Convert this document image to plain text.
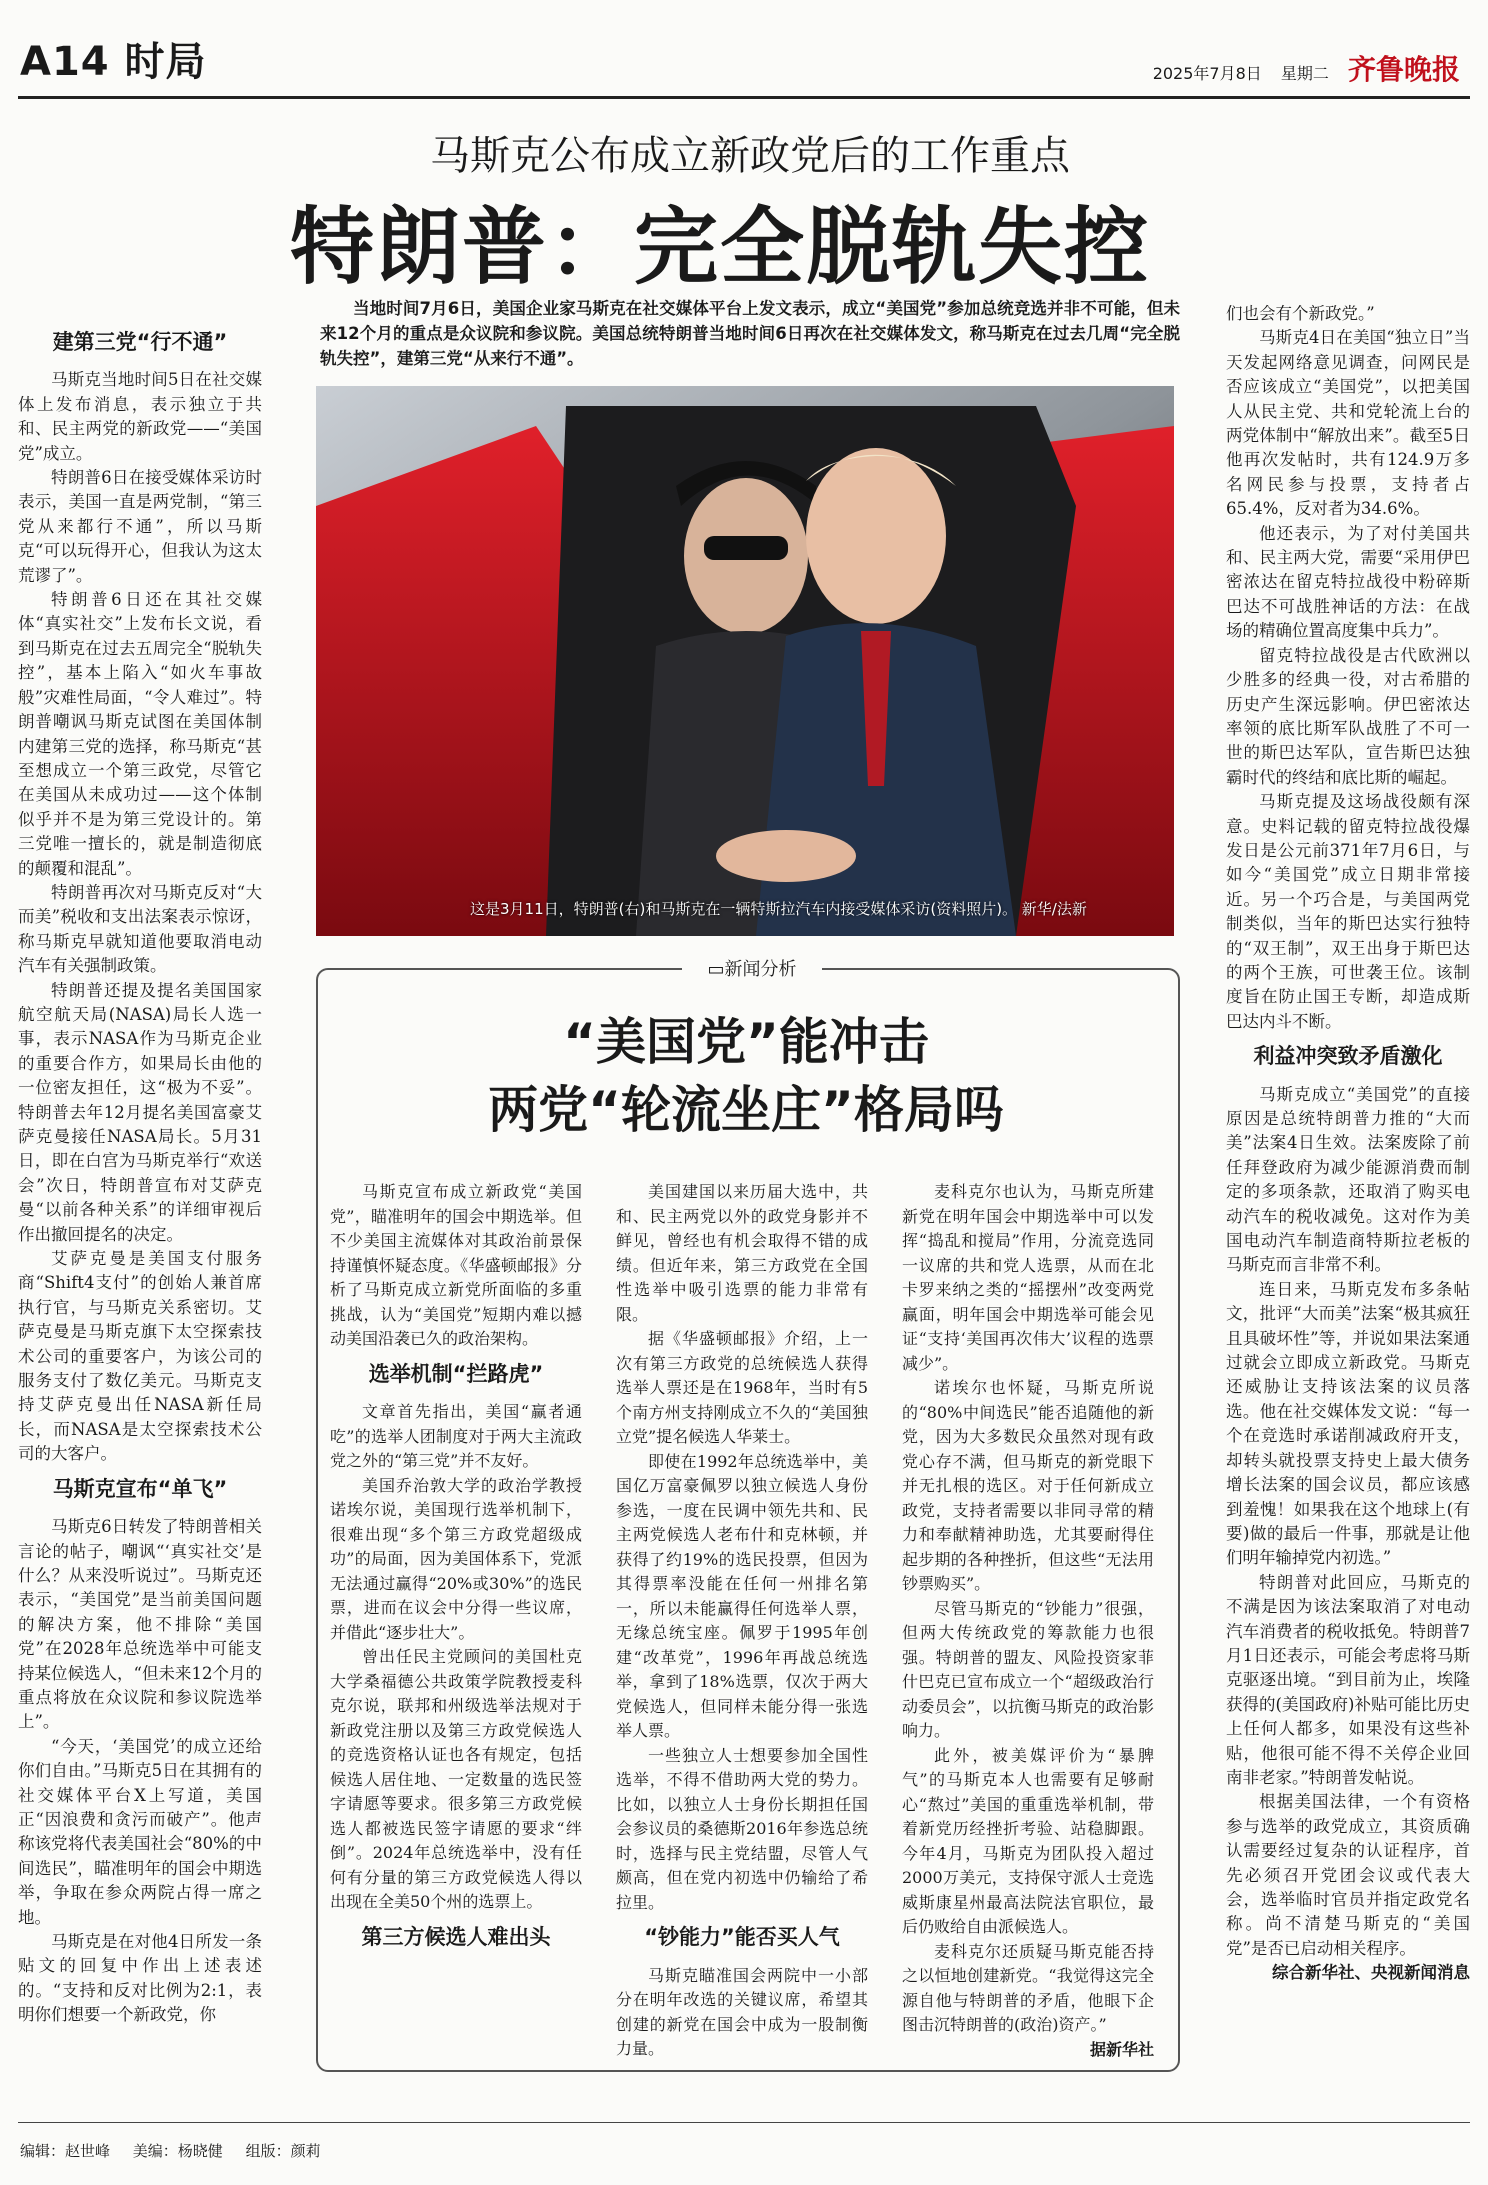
A14 时局	2025年7月8日 星期二 齐鲁晚报
马斯克公布成立新政党后的工作重点
特朗普：完全脱轨失控
当地时间7月6日，美国企业家马斯克在社交媒体平台上发文表示，成立“美国党”参加总统竞选并非不可能，但未来12个月的重点是众议院和参议院。美国总统特朗普当地时间6日再次在社交媒体发文，称马斯克在过去几周“完全脱轨失控”，建第三党“从来行不通”。
这是3月11日，特朗普(右)和马斯克在一辆特斯拉汽车内接受媒体采访(资料照片)。 新华/法新
建第三党“行不通”

马斯克当地时间5日在社交媒体上发布消息，表示独立于共和、民主两党的新政党——“美国党”成立。

特朗普6日在接受媒体采访时表示，美国一直是两党制，“第三党从来都行不通”，所以马斯克“可以玩得开心，但我认为这太荒谬了”。

特朗普6日还在其社交媒体“真实社交”上发布长文说，看到马斯克在过去五周完全“脱轨失控”，基本上陷入“如火车事故般”灾难性局面，“令人难过”。特朗普嘲讽马斯克试图在美国体制内建第三党的选择，称马斯克“甚至想成立一个第三政党，尽管它在美国从未成功过——这个体制似乎并不是为第三党设计的。第三党唯一擅长的，就是制造彻底的颠覆和混乱”。

特朗普再次对马斯克反对“大而美”税收和支出法案表示惊讶，称马斯克早就知道他要取消电动汽车有关强制政策。

特朗普还提及提名美国国家航空航天局(NASA)局长人选一事，表示NASA作为马斯克企业的重要合作方，如果局长由他的一位密友担任，这“极为不妥”。特朗普去年12月提名美国富豪艾萨克曼接任NASA局长。5月31日，即在白宫为马斯克举行“欢送会”次日，特朗普宣布对艾萨克曼“以前各种关系”的详细审视后作出撤回提名的决定。

艾萨克曼是美国支付服务商“Shift4支付”的创始人兼首席执行官，与马斯克关系密切。艾萨克曼是马斯克旗下太空探索技术公司的重要客户，为该公司的服务支付了数亿美元。马斯克支持艾萨克曼出任NASA新任局长，而NASA是太空探索技术公司的大客户。

马斯克宣布“单飞”

马斯克6日转发了特朗普相关言论的帖子，嘲讽“‘真实社交’是什么？从来没听说过”。马斯克还表示，“美国党”是当前美国问题的解决方案，他不排除“美国党”在2028年总统选举中可能支持某位候选人，“但未来12个月的重点将放在众议院和参议院选举上”。

“今天，‘美国党’的成立还给你们自由。”马斯克5日在其拥有的社交媒体平台X上写道，美国正“因浪费和贪污而破产”。他声称该党将代表美国社会“80%的中间选民”，瞄准明年的国会中期选举，争取在参众两院占得一席之地。

马斯克是在对他4日所发一条贴文的回复中作出上述表述的。“支持和反对比例为2:1，表明你们想要一个新政党，你

们也会有个新政党。”

马斯克4日在美国“独立日”当天发起网络意见调查，问网民是否应该成立“美国党”，以把美国人从民主党、共和党轮流上台的两党体制中“解放出来”。截至5日他再次发帖时，共有124.9万多名网民参与投票，支持者占65.4%，反对者为34.6%。

他还表示，为了对付美国共和、民主两大党，需要“采用伊巴密浓达在留克特拉战役中粉碎斯巴达不可战胜神话的方法：在战场的精确位置高度集中兵力”。

留克特拉战役是古代欧洲以少胜多的经典一役，对古希腊的历史产生深远影响。伊巴密浓达率领的底比斯军队战胜了不可一世的斯巴达军队，宣告斯巴达独霸时代的终结和底比斯的崛起。

马斯克提及这场战役颇有深意。史料记载的留克特拉战役爆发日是公元前371年7月6日，与如今“美国党”成立日期非常接近。另一个巧合是，与美国两党制类似，当年的斯巴达实行独特的“双王制”，双王出身于斯巴达的两个王族，可世袭王位。该制度旨在防止国王专断，却造成斯巴达内斗不断。

利益冲突致矛盾激化

马斯克成立“美国党”的直接原因是总统特朗普力推的“大而美”法案4日生效。法案废除了前任拜登政府为减少能源消费而制定的多项条款，还取消了购买电动汽车的税收减免。这对作为美国电动汽车制造商特斯拉老板的马斯克而言非常不利。

连日来，马斯克发布多条帖文，批评“大而美”法案“极其疯狂且具破坏性”等，并说如果法案通过就会立即成立新政党。马斯克还威胁让支持该法案的议员落选。他在社交媒体发文说：“每一个在竞选时承诺削减政府开支，却转头就投票支持史上最大债务增长法案的国会议员，都应该感到羞愧！如果我在这个地球上(有要)做的最后一件事，那就是让他们明年输掉党内初选。”

特朗普对此回应，马斯克的不满是因为该法案取消了对电动汽车消费者的税收抵免。特朗普7月1日还表示，可能会考虑将马斯克驱逐出境。“到目前为止，埃隆获得的(美国政府)补贴可能比历史上任何人都多，如果没有这些补贴，他很可能不得不关停企业回南非老家。”特朗普发帖说。

根据美国法律，一个有资格参与选举的政党成立，其资质确认需要经过复杂的认证程序，首先必须召开党团会议或代表大会，选举临时官员并指定政党名称。尚不清楚马斯克的“美国党”是否已启动相关程序。

综合新华社、央视新闻消息
▭新闻分析
“美国党”能冲击
两党“轮流坐庄”格局吗

马斯克宣布成立新政党“美国党”，瞄准明年的国会中期选举。但不少美国主流媒体对其政治前景保持谨慎怀疑态度。《华盛顿邮报》分析了马斯克成立新党所面临的多重挑战，认为“美国党”短期内难以撼动美国沿袭已久的政治架构。

选举机制“拦路虎”

文章首先指出，美国“赢者通吃”的选举人团制度对于两大主流政党之外的“第三党”并不友好。

美国乔治敦大学的政治学教授诺埃尔说，美国现行选举机制下，很难出现“多个第三方政党超级成功”的局面，因为美国体系下，党派无法通过赢得“20%或30%”的选民票，进而在议会中分得一些议席，并借此“逐步壮大”。

曾出任民主党顾问的美国杜克大学桑福德公共政策学院教授麦科克尔说，联邦和州级选举法规对于新政党注册以及第三方政党候选人的竞选资格认证也各有规定，包括候选人居住地、一定数量的选民签字请愿等要求。很多第三方政党候选人都被选民签字请愿的要求“绊倒”。2024年总统选举中，没有任何有分量的第三方政党候选人得以出现在全美50个州的选票上。

第三方候选人难出头

美国建国以来历届大选中，共和、民主两党以外的政党身影并不鲜见，曾经也有机会取得不错的成绩。但近年来，第三方政党在全国性选举中吸引选票的能力非常有限。

据《华盛顿邮报》介绍，上一次有第三方政党的总统候选人获得选举人票还是在1968年，当时有5个南方州支持刚成立不久的“美国独立党”提名候选人华莱士。

即使在1992年总统选举中，美国亿万富豪佩罗以独立候选人身份参选，一度在民调中领先共和、民主两党候选人老布什和克林顿，并获得了约19%的选民投票，但因为其得票率没能在任何一州排名第一，所以未能赢得任何选举人票，无缘总统宝座。佩罗于1995年创建“改革党”，1996年再战总统选举，拿到了18%选票，仅次于两大党候选人，但同样未能分得一张选举人票。

一些独立人士想要参加全国性选举，不得不借助两大党的势力。比如，以独立人士身份长期担任国会参议员的桑德斯2016年参选总统时，选择与民主党结盟，尽管人气颇高，但在党内初选中仍输给了希拉里。

“钞能力”能否买人气

马斯克瞄准国会两院中一小部分在明年改选的关键议席，希望其创建的新党在国会中成为一股制衡力量。

麦科克尔也认为，马斯克所建新党在明年国会中期选举中可以发挥“捣乱和搅局”作用，分流竞选同一议席的共和党人选票，从而在北卡罗来纳之类的“摇摆州”改变两党赢面，明年国会中期选举可能会见证“支持‘美国再次伟大’议程的选票减少”。

诺埃尔也怀疑，马斯克所说的“80%中间选民”能否追随他的新党，因为大多数民众虽然对现有政党心存不满，但马斯克的新党眼下并无扎根的选区。对于任何新成立政党，支持者需要以非同寻常的精力和奉献精神助选，尤其要耐得住起步期的各种挫折，但这些“无法用钞票购买”。

尽管马斯克的“钞能力”很强，但两大传统政党的筹款能力也很强。特朗普的盟友、风险投资家菲什巴克已宣布成立一个“超级政治行动委员会”，以抗衡马斯克的政治影响力。

此外，被美媒评价为“暴脾气”的马斯克本人也需要有足够耐心“熬过”美国的重重选举机制，带着新党历经挫折考验、站稳脚跟。今年4月，马斯克为团队投入超过2000万美元，支持保守派人士竞选威斯康星州最高法院法官职位，最后仍败给自由派候选人。

麦科克尔还质疑马斯克能否持之以恒地创建新党。“我觉得这完全源自他与特朗普的矛盾，他眼下企图击沉特朗普的(政治)资产。”

据新华社
编辑：赵世峰 美编：杨晓健 组版：颜莉
